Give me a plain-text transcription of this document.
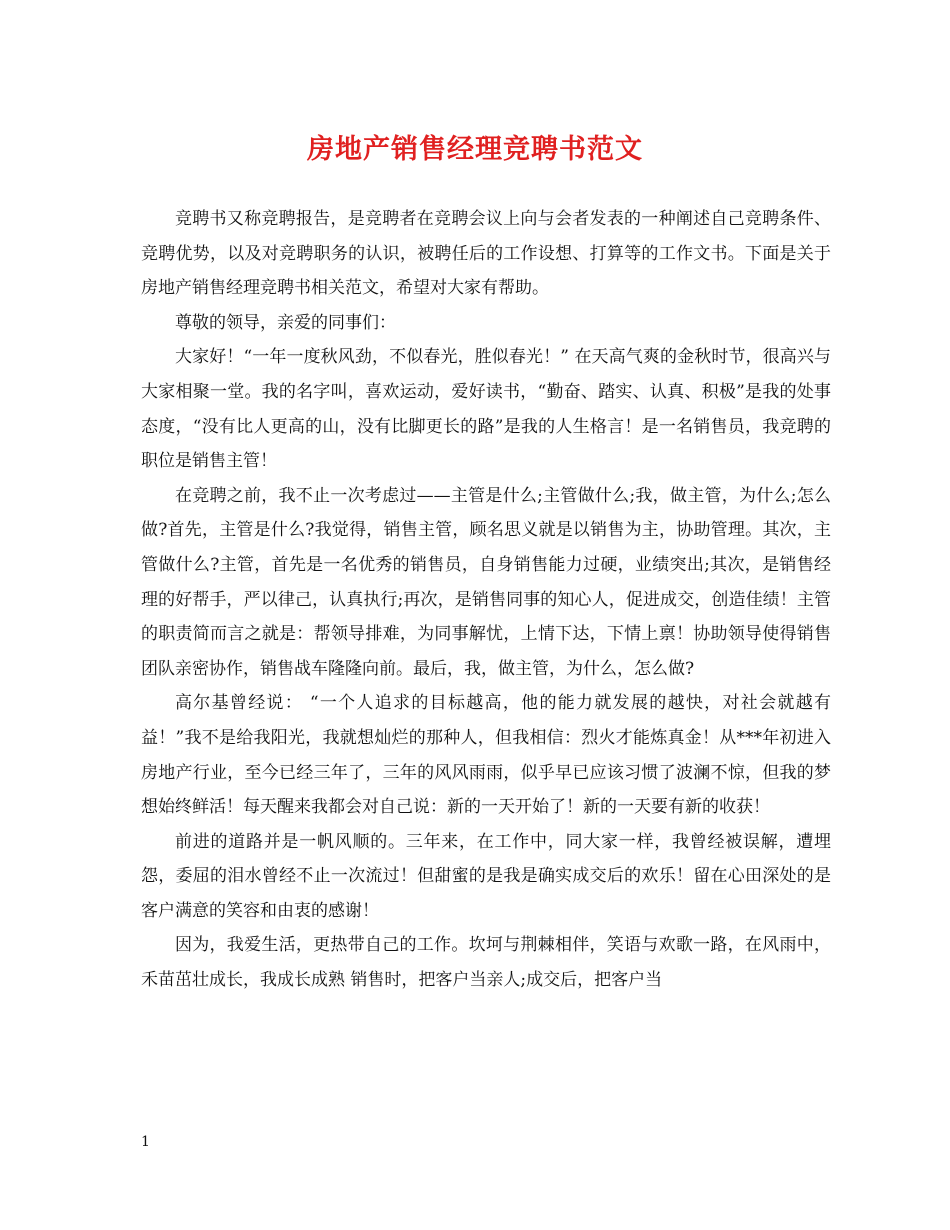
房地产销售经理竞聘书范文

竞聘书又称竞聘报告，是竞聘者在竞聘会议上向与会者发表的一种阐述自己竞聘条件、竞聘优势，以及对竞聘职务的认识，被聘任后的工作设想、打算等的工作文书。下面是关于房地产销售经理竞聘书相关范文，希望对大家有帮助。

尊敬的领导，亲爱的同事们：

大家好！“一年一度秋风劲，不似春光，胜似春光！” 在天高气爽的金秋时节，很高兴与大家相聚一堂。我的名字叫，喜欢运动，爱好读书，“勤奋、踏实、认真、积极”是我的处事态度，“没有比人更高的山，没有比脚更长的路”是我的人生格言！是一名销售员，我竞聘的职位是销售主管！

在竞聘之前，我不止一次考虑过——主管是什么;主管做什么;我，做主管，为什么;怎么做?首先，主管是什么?我觉得，销售主管，顾名思义就是以销售为主，协助管理。其次，主管做什么?主管，首先是一名优秀的销售员，自身销售能力过硬，业绩突出;其次，是销售经理的好帮手，严以律己，认真执行;再次，是销售同事的知心人，促进成交，创造佳绩！主管的职责简而言之就是：帮领导排难，为同事解忧，上情下达，下情上禀！协助领导使得销售团队亲密协作，销售战车隆隆向前。最后，我，做主管，为什么，怎么做?

高尔基曾经说： “一个人追求的目标越高，他的能力就发展的越快，对社会就越有益！”我不是给我阳光，我就想灿烂的那种人，但我相信：烈火才能炼真金！从***年初进入房地产行业，至今已经三年了，三年的风风雨雨，似乎早已应该习惯了波澜不惊，但我的梦想始终鲜活！每天醒来我都会对自己说：新的一天开始了！新的一天要有新的收获！

前进的道路并是一帆风顺的。三年来，在工作中，同大家一样，我曾经被误解，遭埋怨，委屈的泪水曾经不止一次流过！但甜蜜的是我是确实成交后的欢乐！留在心田深处的是客户满意的笑容和由衷的感谢！

因为，我爱生活，更热带自己的工作。坎坷与荆棘相伴，笑语与欢歌一路，在风雨中，禾苗茁壮成长，我成长成熟 销售时，把客户当亲人;成交后，把客户当

1
